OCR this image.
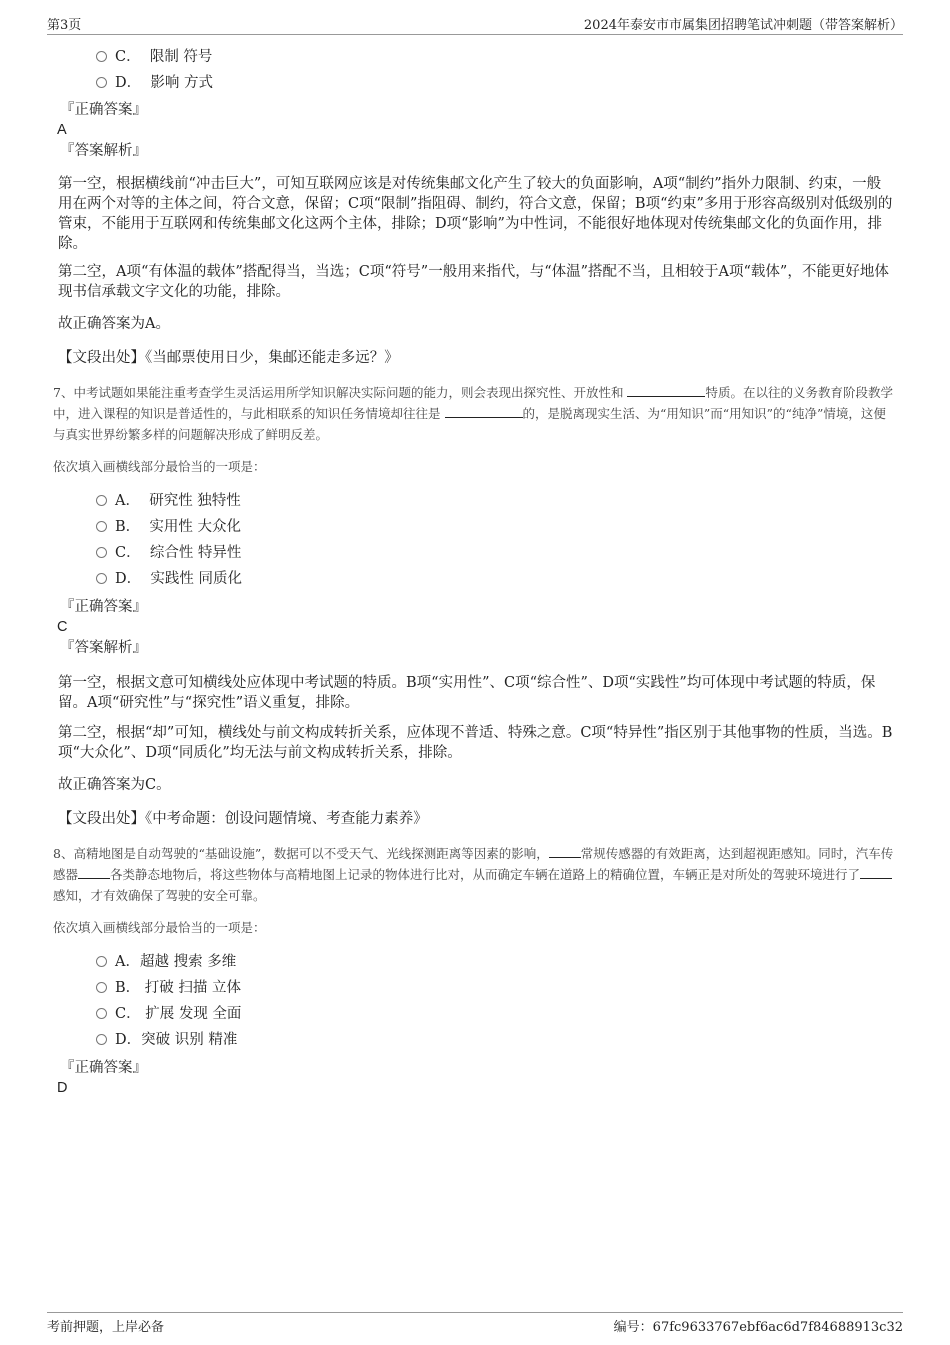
第3页	2024年泰安市市属集团招聘笔试冲刺题（带答案解析）
C．  限制 符号
D．  影响 方式
『正确答案』
A
『答案解析』
第一空，根据横线前“冲击巨大”，可知互联网应该是对传统集邮文化产生了较大的负面影响，A项“制约”指外力限制、约束，一般用在两个对等的主体之间，符合文意，保留；C项“限制”指阻碍、制约，符合文意，保留；B项“约束”多用于形容高级别对低级别的管束，不能用于互联网和传统集邮文化这两个主体，排除；D项“影响”为中性词，不能很好地体现对传统集邮文化的负面作用，排除。
第二空，A项“有体温的载体”搭配得当，当选；C项“符号”一般用来指代，与“体温”搭配不当，且相较于A项“载体”，不能更好地体现书信承载文字文化的功能，排除。
故正确答案为A。
【文段出处】《当邮票使用日少，集邮还能走多远？》
7、中考试题如果能注重考查学生灵活运用所学知识解决实际问题的能力，则会表现出探究性、开放性和	特质。在以往的义务教育阶段教学中，进入课程的知识是普适性的，与此相联系的知识任务情境却往往是	的，是脱离现实生活、为“用知识”而“用知识”的“纯净”情境，这便与真实世界纷繁多样的问题解决形成了鲜明反差。
依次填入画横线部分最恰当的一项是：
A．  研究性 独特性
B．  实用性 大众化
C．  综合性 特异性
D．  实践性 同质化
『正确答案』
C
『答案解析』
第一空，根据文意可知横线处应体现中考试题的特质。B项“实用性”、C项“综合性”、D项“实践性”均可体现中考试题的特质，保留。A项“研究性”与“探究性”语义重复，排除。
第二空，根据“却”可知，横线处与前文构成转折关系，应体现不普适、特殊之意。C项“特异性”指区别于其他事物的性质，当选。B项“大众化”、D项“同质化”均无法与前文构成转折关系，排除。
故正确答案为C。
【文段出处】《中考命题：创设问题情境、考查能力素养》
8、高精地图是自动驾驶的“基础设施”，数据可以不受天气、光线探测距离等因素的影响，	常规传感器的有效距离，达到超视距感知。同时，汽车传感器	各类静态地物后，将这些物体与高精地图上记录的物体进行比对，从而确定车辆在道路上的精确位置，车辆正是对所处的驾驶环境进行了感知，才有效确保了驾驶的安全可靠。
依次填入画横线部分最恰当的一项是：
A．超越 搜索 多维
B． 打破 扫描 立体
C． 扩展 发现 全面
D．突破 识别 精准
『正确答案』
D
考前押题，上岸必备	编号：67fc9633767ebf6ac6d7f84688913c32
